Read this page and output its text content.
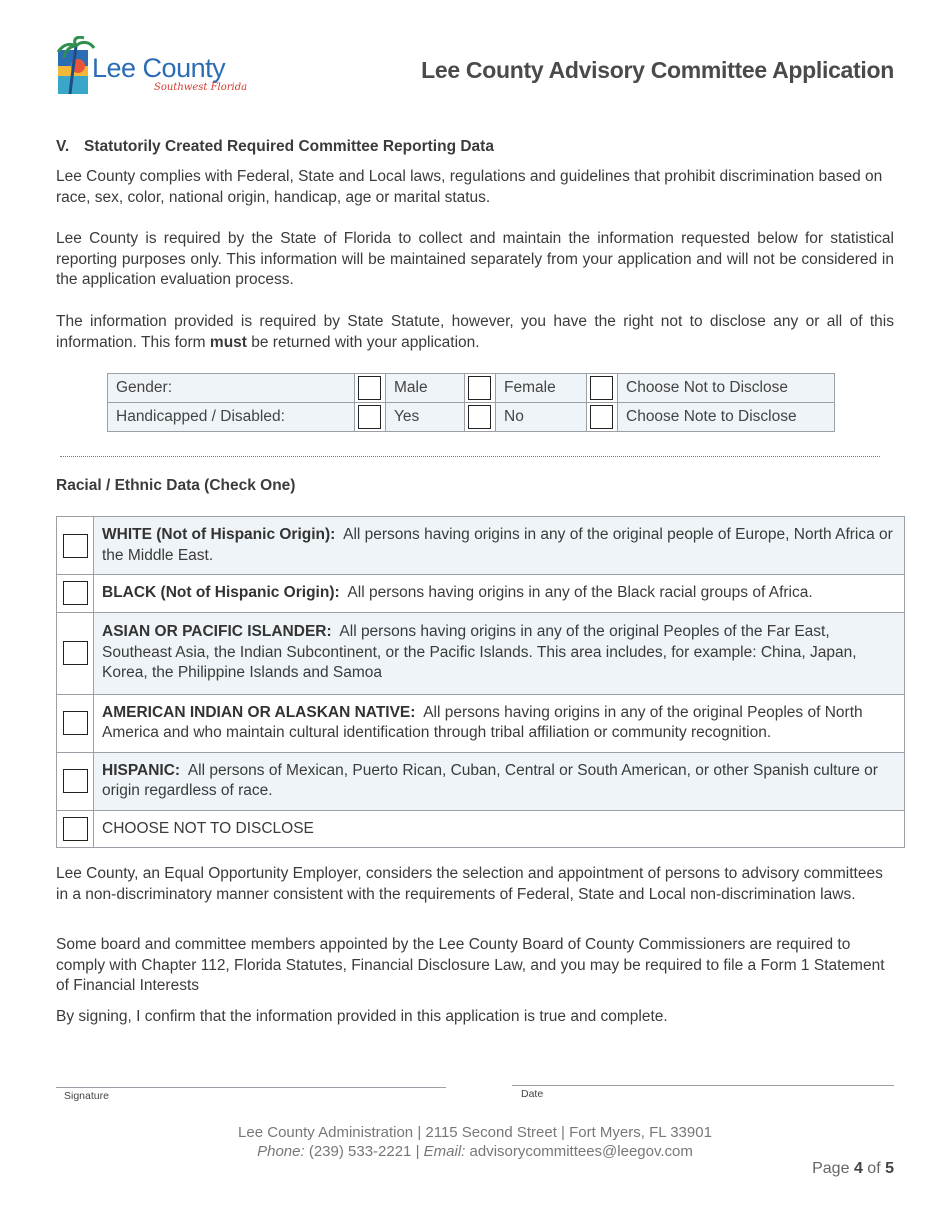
Lee County
Southwest Florida
Lee County Advisory Committee Application
V. Statutorily Created Required Committee Reporting Data
Lee County complies with Federal, State and Local laws, regulations and guidelines that prohibit discrimination based on race, sex, color, national origin, handicap, age or marital status.
Lee County is required by the State of Florida to collect and maintain the information requested below for statistical reporting purposes only. This information will be maintained separately from your application and will not be considered in the application evaluation process.
The information provided is required by State Statute, however, you have the right not to disclose any or all of this information. This form must be returned with your application.
Gender:		Male		Female		Choose Not to Disclose
Handicapped / Disabled:		Yes		No		Choose Note to Disclose
Racial / Ethnic Data (Check One)
	WHITE (Not of Hispanic Origin): All persons having origins in any of the original people of Europe, North Africa or the Middle East.
	BLACK (Not of Hispanic Origin): All persons having origins in any of the Black racial groups of Africa.
	ASIAN OR PACIFIC ISLANDER: All persons having origins in any of the original Peoples of the Far East, Southeast Asia, the Indian Subcontinent, or the Pacific Islands. This area includes, for example: China, Japan, Korea, the Philippine Islands and Samoa
	AMERICAN INDIAN OR ALASKAN NATIVE: All persons having origins in any of the original Peoples of North America and who maintain cultural identification through tribal affiliation or community recognition.
	HISPANIC: All persons of Mexican, Puerto Rican, Cuban, Central or South American, or other Spanish culture or origin regardless of race.
	CHOOSE NOT TO DISCLOSE
Lee County, an Equal Opportunity Employer, considers the selection and appointment of persons to advisory committees in a non-discriminatory manner consistent with the requirements of Federal, State and Local non-discrimination laws.
Some board and committee members appointed by the Lee County Board of County Commissioners are required to comply with Chapter 112, Florida Statutes, Financial Disclosure Law, and you may be required to file a Form 1 Statement of Financial Interests
By signing, I confirm that the information provided in this application is true and complete.
Signature	Date
Lee County Administration | 2115 Second Street | Fort Myers, FL 33901
Phone: (239) 533-2221 | Email: advisorycommittees@leegov.com
Page 4 of 5
